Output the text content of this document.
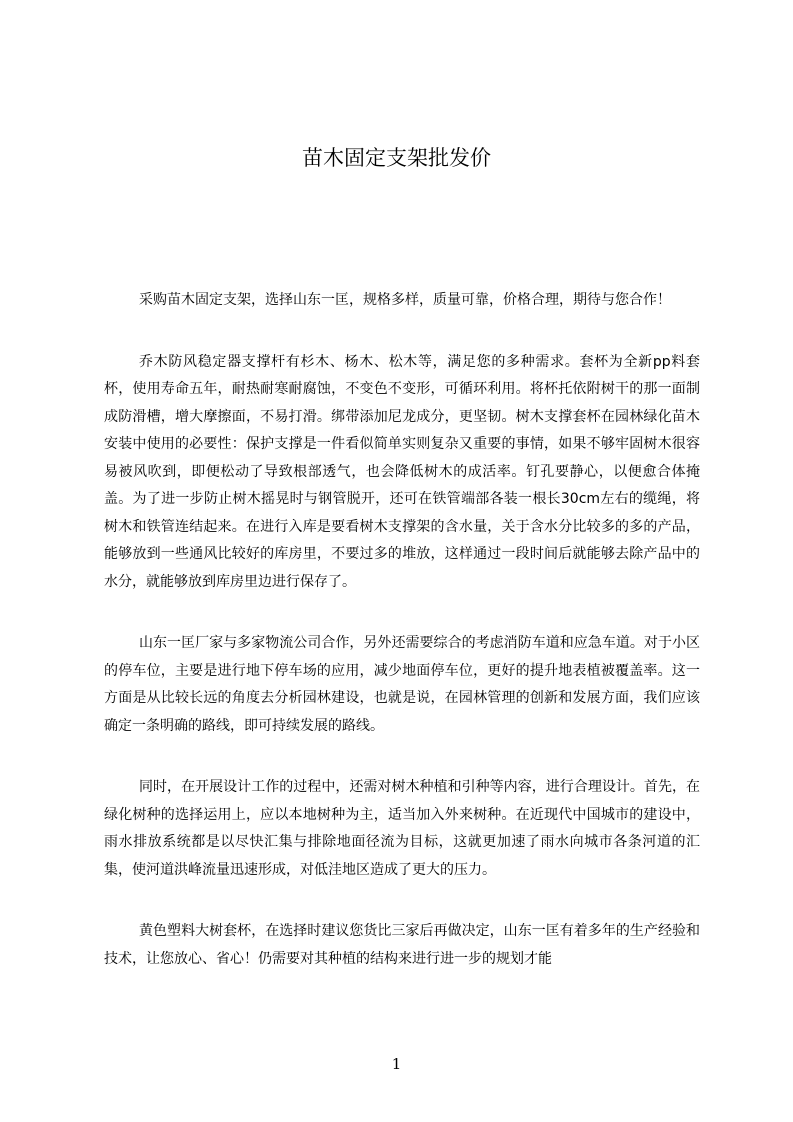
苗木固定支架批发价

采购苗木固定支架，选择山东一匡，规格多样，质量可靠，价格合理，期待与您合作！

乔木防风稳定器支撑杆有杉木、杨木、松木等，满足您的多种需求。套杯为全新pp料套杯，使用寿命五年，耐热耐寒耐腐蚀，不变色不变形，可循环利用。将杯托依附树干的那一面制成防滑槽，增大摩擦面，不易打滑。绑带添加尼龙成分，更坚韧。树木支撑套杯在园林绿化苗木安装中使用的必要性：保护支撑是一件看似简单实则复杂又重要的事情，如果不够牢固树木很容易被风吹到，即便松动了导致根部透气，也会降低树木的成活率。钉孔要静心，以便愈合体掩盖。为了进一步防止树木摇晃时与钢管脱开，还可在铁管端部各装一根长30cm左右的缆绳，将树木和铁管连结起来。在进行入库是要看树木支撑架的含水量，关于含水分比较多的多的产品，能够放到一些通风比较好的库房里，不要过多的堆放，这样通过一段时间后就能够去除产品中的水分，就能够放到库房里边进行保存了。

山东一匡厂家与多家物流公司合作，另外还需要综合的考虑消防车道和应急车道。对于小区的停车位，主要是进行地下停车场的应用，减少地面停车位，更好的提升地表植被覆盖率。这一方面是从比较长远的角度去分析园林建设，也就是说，在园林管理的创新和发展方面，我们应该确定一条明确的路线，即可持续发展的路线。

同时，在开展设计工作的过程中，还需对树木种植和引种等内容，进行合理设计。首先，在绿化树种的选择运用上，应以本地树种为主，适当加入外来树种。在近现代中国城市的建设中，雨水排放系统都是以尽快汇集与排除地面径流为目标，这就更加速了雨水向城市各条河道的汇集，使河道洪峰流量迅速形成，对低洼地区造成了更大的压力。

黄色塑料大树套杯，在选择时建议您货比三家后再做决定，山东一匡有着多年的生产经验和技术，让您放心、省心！仍需要对其种植的结构来进行进一步的规划才能

1
